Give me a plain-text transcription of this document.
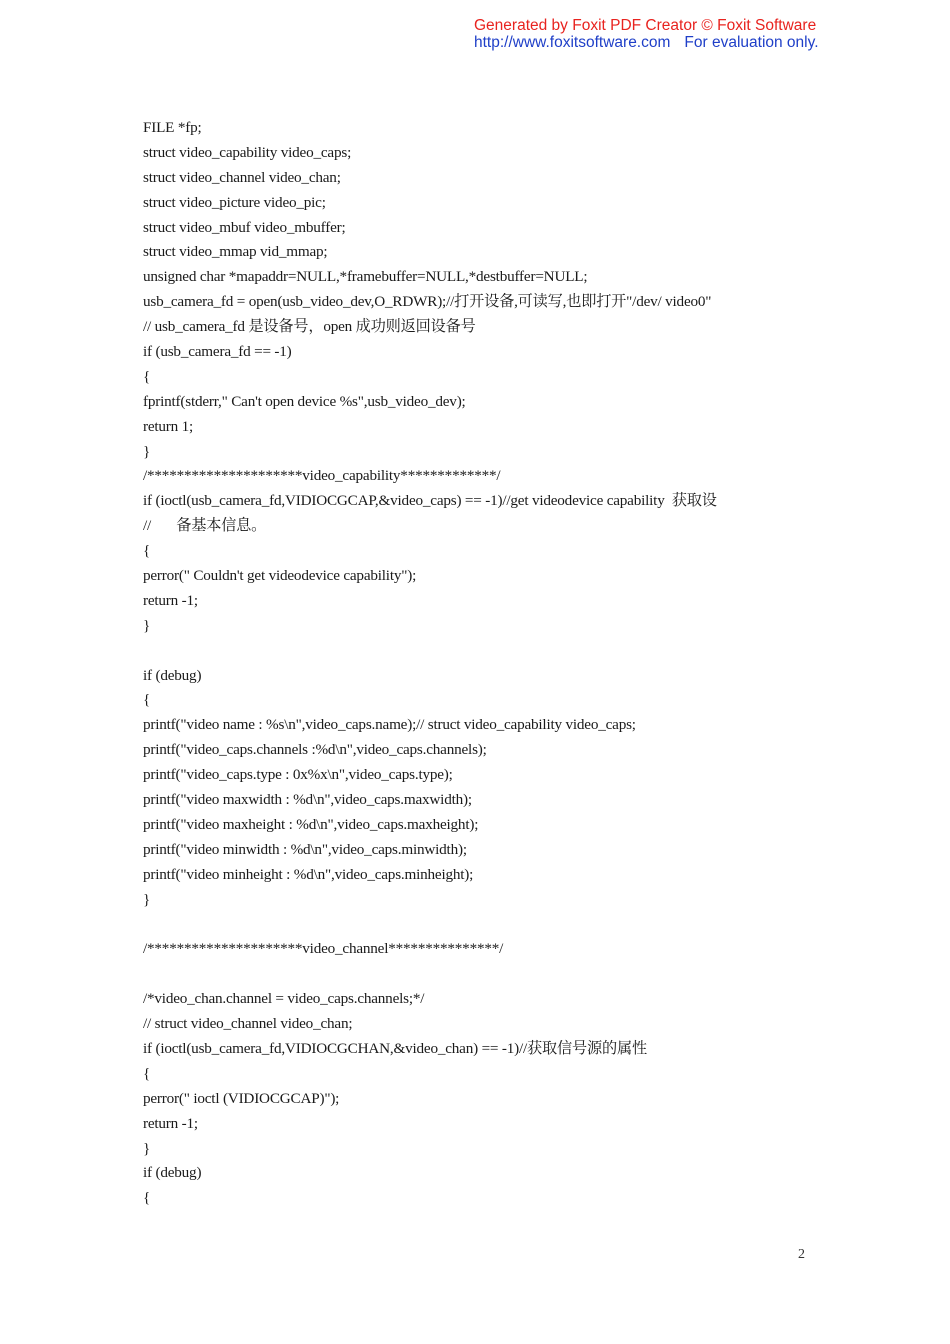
Generated by Foxit PDF Creator © Foxit Software
http://www.foxitsoftware.com For evaluation only.
FILE *fp;
struct video_capability video_caps;
struct video_channel video_chan;
struct video_picture video_pic;
struct video_mbuf video_mbuffer;
struct video_mmap vid_mmap;
unsigned char *mapaddr=NULL,*framebuffer=NULL,*destbuffer=NULL;
usb_camera_fd = open(usb_video_dev,O_RDWR);//打开设备,可读写,也即打开"/dev/ video0"
// usb_camera_fd 是设备号，open 成功则返回设备号
if (usb_camera_fd == -1)
{
fprintf(stderr," Can't open device %s",usb_video_dev);
return 1;
}
/*********************video_capability*************/
if (ioctl(usb_camera_fd,VIDIOCGCAP,&video_caps) == -1)//get videodevice capability  获取设
//       备基本信息。
{
perror(" Couldn't get videodevice capability");
return -1;
}
if (debug)
{
printf("video name : %s\n",video_caps.name);// struct video_capability video_caps;
printf("video_caps.channels :%d\n",video_caps.channels);
printf("video_caps.type : 0x%x\n",video_caps.type);
printf("video maxwidth : %d\n",video_caps.maxwidth);
printf("video maxheight : %d\n",video_caps.maxheight);
printf("video minwidth : %d\n",video_caps.minwidth);
printf("video minheight : %d\n",video_caps.minheight);
}
/*********************video_channel***************/
/*video_chan.channel = video_caps.channels;*/
// struct video_channel video_chan;
if (ioctl(usb_camera_fd,VIDIOCGCHAN,&video_chan) == -1)//获取信号源的属性
{
perror(" ioctl (VIDIOCGCAP)");
return -1;
}
if (debug)
{
2
